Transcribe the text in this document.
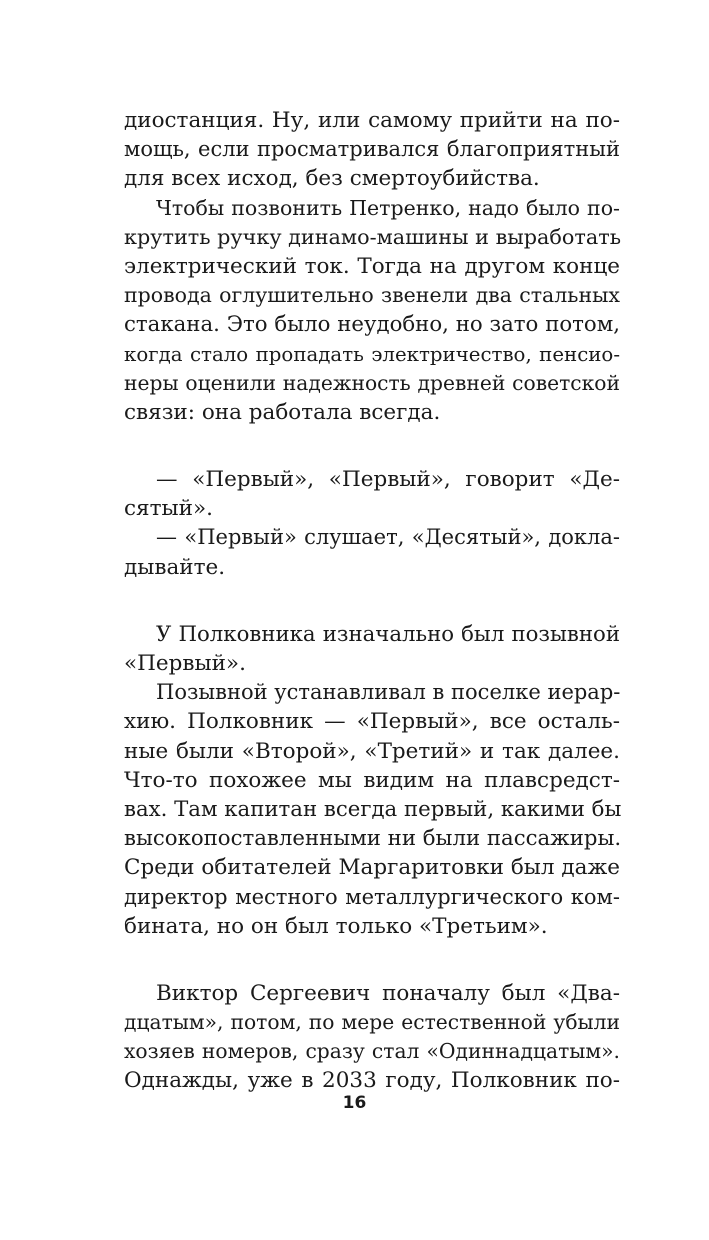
диостанция. Ну, или самому прийти на по-
мощь, если просматривался благоприятный
для всех исход, без смертоубийства.
Чтобы позвонить Петренко, надо было по-
крутить ручку динамо-машины и выработать
электрический ток. Тогда на другом конце
провода оглушительно звенели два стальных
стакана. Это было неудобно, но зато потом,
когда стало пропадать электричество, пенсио-
неры оценили надежность древней советской
связи: она работала всегда.
— «Первый», «Первый», говорит «Де-
сятый».
— «Первый» слушает, «Десятый», докла-
дывайте.
У Полковника изначально был позывной
«Первый».
Позывной устанавливал в поселке иерар-
хию. Полковник — «Первый», все осталь-
ные были «Второй», «Третий» и так далее.
Что-то похожее мы видим на плавсредст-
вах. Там капитан всегда первый, какими бы
высокопоставленными ни были пассажиры.
Среди обитателей Маргаритовки был даже
директор местного металлургического ком-
бината, но он был только «Третьим».
Виктор Сергеевич поначалу был «Два-
дцатым», потом, по мере естественной убыли
хозяев номеров, сразу стал «Одиннадцатым».
Однажды, уже в 2033 году, Полковник по-
16
